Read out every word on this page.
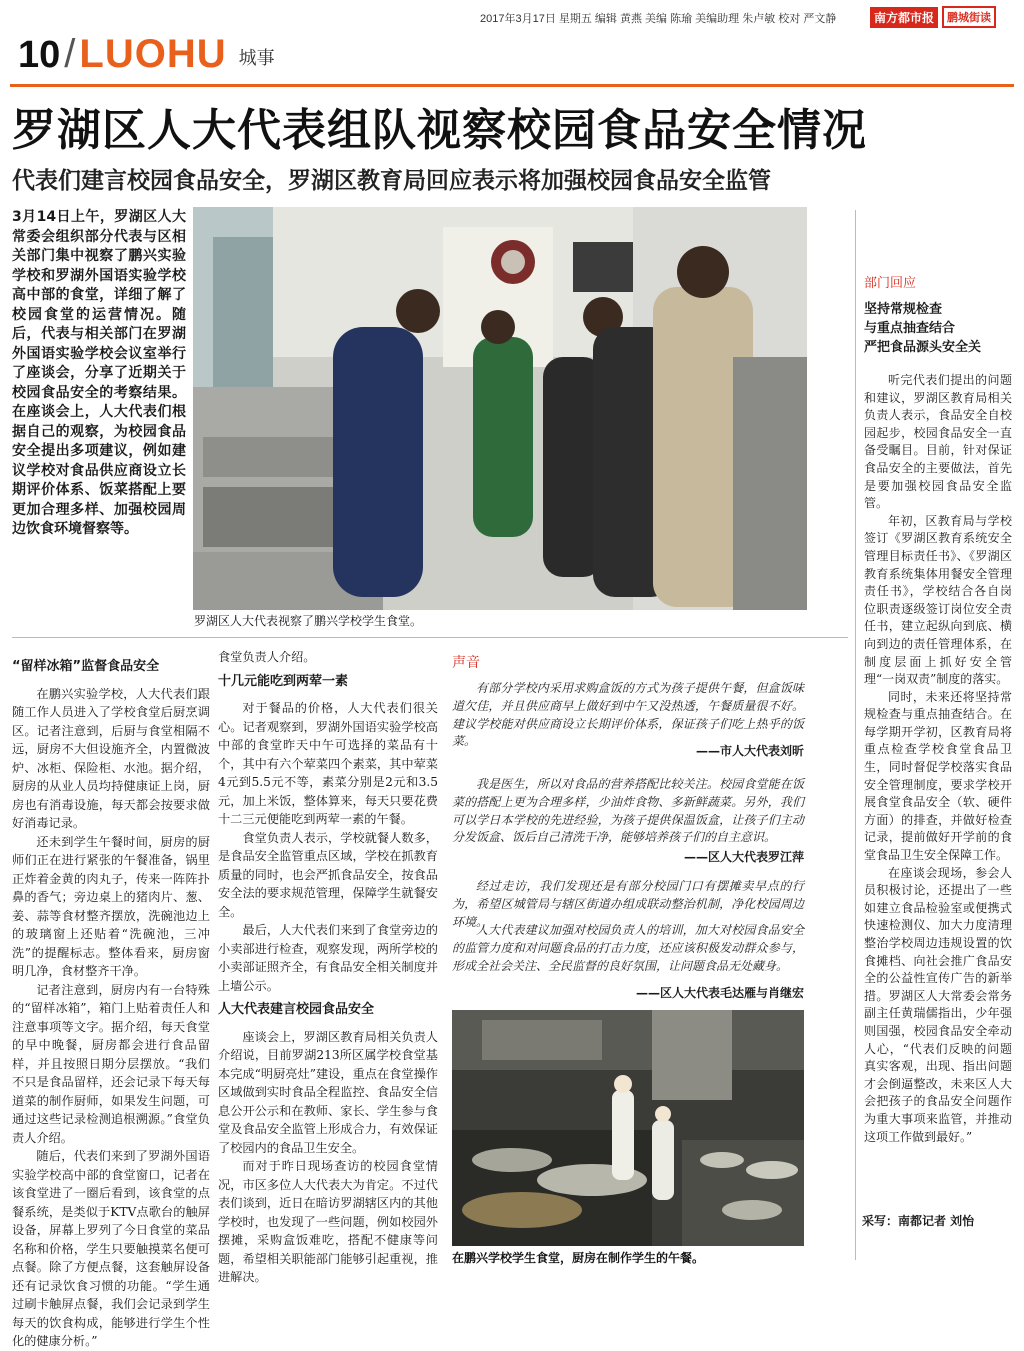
2017年3月17日 星期五 编辑 黄燕 美编 陈瑜 美编助理 朱卢敏 校对 严文静	南方都市报	鹏城街读
10 / LUOHU 城事
罗湖区人大代表组队视察校园食品安全情况
代表们建言校园食品安全，罗湖区教育局回应表示将加强校园食品安全监管
3月14日上午，罗湖区人大常委会组织部分代表与区相关部门集中视察了鹏兴实验学校和罗湖外国语实验学校高中部的食堂，详细了解了校园食堂的运营情况。随后，代表与相关部门在罗湖外国语实验学校会议室举行了座谈会，分享了近期关于校园食品安全的考察结果。在座谈会上，人大代表们根据自己的观察，为校园食品安全提出多项建议，例如建议学校对食品供应商设立长期评价体系、饭菜搭配上要更加合理多样、加强校园周边饮食环境督察等。
罗湖区人大代表视察了鹏兴学校学生食堂。
“留样冰箱”监督食品安全

在鹏兴实验学校，人大代表们跟随工作人员进入了学校食堂后厨烹调区。记者注意到，后厨与食堂相隔不远，厨房不大但设施齐全，内置微波炉、冰柜、保险柜、水池。据介绍，厨房的从业人员均持健康证上岗，厨房也有消毒设施，每天都会按要求做好消毒记录。

还未到学生午餐时间，厨房的厨师们正在进行紧张的午餐准备，锅里正炸着金黄的肉丸子，传来一阵阵扑鼻的香气；旁边桌上的猪肉片、葱、姜、蒜等食材整齐摆放，洗碗池边上的玻璃窗上还贴着“洗碗池，三冲洗”的提醒标志。整体看来，厨房窗明几净，食材整齐干净。

记者注意到，厨房内有一台特殊的“留样冰箱”，箱门上贴着责任人和注意事项等文字。据介绍，每天食堂的早中晚餐，厨房都会进行食品留样，并且按照日期分层摆放。“我们不只是食品留样，还会记录下每天每道菜的制作厨师，如果发生问题，可通过这些记录检测追根溯源。”食堂负责人介绍。

随后，代表们来到了罗湖外国语实验学校高中部的食堂窗口，记者在该食堂进了一圈后看到，该食堂的点餐系统，是类似于KTV点歌台的触屏设备，屏幕上罗列了今日食堂的菜品名称和价格，学生只要触摸菜名便可点餐。除了方便点餐，这套触屏设备还有记录饮食习惯的功能。“学生通过刷卡触屏点餐，我们会记录到学生每天的饮食构成，能够进行学生个性化的健康分析。”

食堂负责人介绍。

十几元能吃到两荤一素

对于餐品的价格，人大代表们很关心。记者观察到，罗湖外国语实验学校高中部的食堂昨天中午可选择的菜品有十个，其中有六个荤菜四个素菜，其中荤菜4元到5.5元不等，素菜分别是2元和3.5元，加上米饭，整体算来，每天只要花费十二三元便能吃到两荤一素的午餐。

食堂负责人表示，学校就餐人数多，是食品安全监管重点区域，学校在抓教育质量的同时，也会严抓食品安全，按食品安全法的要求规范管理，保障学生就餐安全。

最后，人大代表们来到了食堂旁边的小卖部进行检查，观察发现，两所学校的小卖部证照齐全，有食品安全相关制度并上墙公示。

人大代表建言校园食品安全

座谈会上，罗湖区教育局相关负责人介绍说，目前罗湖213所区属学校食堂基本完成“明厨亮灶”建设，重点在食堂操作区域做到实时食品全程监控、食品安全信息公开公示和在教师、家长、学生参与食堂及食品安全监管上形成合力，有效保证了校园内的食品卫生安全。

而对于昨日现场查访的校园食堂情况，市区多位人大代表大为肯定。不过代表们谈到，近日在暗访罗湖辖区内的其他学校时，也发现了一些问题，例如校园外摆摊，采购盒饭难吃，搭配不健康等问题，希望相关职能部门能够引起重视，推进解决。

声音
有部分学校内采用求购盒饭的方式为孩子提供午餐，但盒饭味道欠佳，并且供应商早上做好到中午又没热透，午餐质量很不好。建议学校能对供应商设立长期评价体系，保证孩子们吃上热乎的饭菜。
——市人大代表刘昕
我是医生，所以对食品的营养搭配比较关注。校园食堂能在饭菜的搭配上更为合理多样，少油炸食物、多新鲜蔬菜。另外，我们可以学日本学校的先进经验，为孩子提供保温饭盒，让孩子们主动分发饭盒、饭后自己清洗干净，能够培养孩子们的自主意识。
——区人大代表罗江萍
经过走访，我们发现还是有部分校园门口有摆摊卖早点的行为，希望区城管局与辖区街道办组成联动整治机制，净化校园周边环境。
人大代表建议加强对校园负责人的培训，加大对校园食品安全的监管力度和对问题食品的打击力度，还应该积极发动群众参与，形成全社会关注、全民监督的良好氛围，让问题食品无处藏身。
——区人大代表毛达雁与肖继宏
在鹏兴学校学生食堂，厨房在制作学生的午餐。
部门回应
坚持常规检查
与重点抽查结合
严把食品源头安全关

听完代表们提出的问题和建议，罗湖区教育局相关负责人表示，食品安全自校园起步，校园食品安全一直备受瞩目。目前，针对保证食品安全的主要做法，首先是要加强校园食品安全监管。

年初，区教育局与学校签订《罗湖区教育系统安全管理目标责任书》、《罗湖区教育系统集体用餐安全管理责任书》，学校结合各自岗位职责逐级签订岗位安全责任书，建立起纵向到底、横向到边的责任管理体系，在制度层面上抓好安全管理“一岗双责”制度的落实。

同时，未来还将坚持常规检查与重点抽查结合。在每学期开学初，区教育局将重点检查学校食堂食品卫生，同时督促学校落实食品安全管理制度，要求学校开展食堂食品安全（软、硬件方面）的排查，并做好检查记录，提前做好开学前的食堂食品卫生安全保障工作。

在座谈会现场，参会人员积极讨论，还提出了一些如建立食品检验室或便携式快速检测仪、加大力度清理整治学校周边违规设置的饮食摊档、向社会推广食品安全的公益性宣传广告的新举措。罗湖区人大常委会常务副主任黄瑞儒指出，少年强则国强，校园食品安全牵动人心，“代表们反映的问题真实客观，出现、指出问题才会倒逼整改，未来区人大会把孩子的食品安全问题作为重大事项来监管，并推动这项工作做到最好。”

采写：南都记者 刘怡
